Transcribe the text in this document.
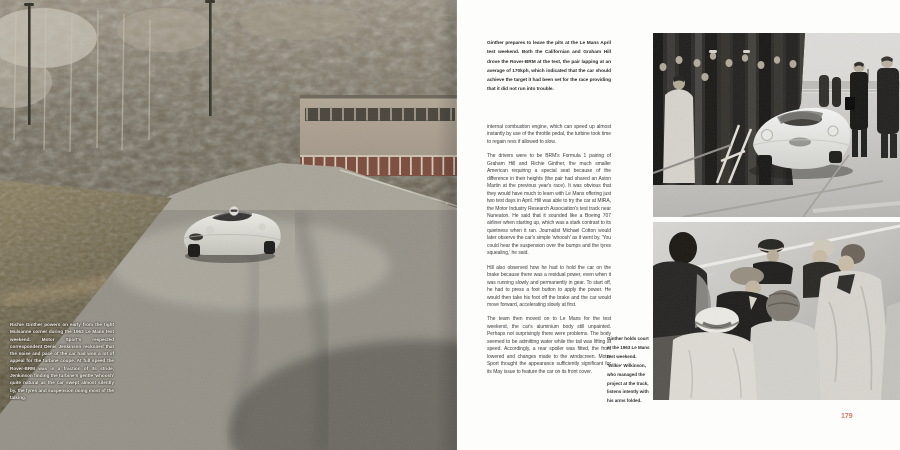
Richie Ginther powers on early from the tight Mulsanne corner during the 1963 Le Mans test weekend. Motor Sport's respected correspondent Denis Jenkinson reckoned that the noise and pace of the car had won a lot of appeal for the turbine coupe. At full speed the Rover-BRM was in a fraction of its stride, Jenkinson finding the turbine's gentle 'whoosh' quite natural as the car swept almost silently by, the tyres and suspension doing most of the talking.
Ginther prepares to leave the pits at the Le Mans April test weekend. Both the Californian and Graham Hill drove the Rover-BRM at the test, the pair lapping at an average of 170kph, which indicated that the car should achieve the target it had been set for the race providing that it did not run into trouble.

internal combustion engine, which can speed up almost instantly by use of the throttle pedal, the turbine took time to regain revs if allowed to slow.

The drivers were to be BRM's Formula 1 pairing of Graham Hill and Richie Ginther, the much smaller American requiring a special seat because of the difference in their heights (the pair had shared an Aston Martin at the previous year's race). It was obvious that they would have much to learn with Le Mans offering just two test days in April. Hill was able to try the car at MIRA, the Motor Industry Research Association's test track near Nuneaton. He said that it sounded like a Boeing 707 airliner when starting up, which was a stark contrast to its quietness when it ran. Journalist Michael Cotton would later observe the car's simple 'whoosh' as it went by. 'You could hear the suspension over the bumps and the tyres squealing,' he said.

Hill also observed how he had to hold the car on the brake because there was a residual power, even when it was running slowly and permanently in gear. To start off, he had to press a foot button to apply the power. He would then take his foot off the brake and the car would move forward, accelerating slowly at first.

The team then moved on to Le Mans for the test weekend, the car's aluminium body still unpainted. Perhaps not surprisingly there were problems. The body seemed to be admitting water while the tail was lifting at speed. Accordingly, a rear spoiler was fitted, the front lowered and changes made to the windscreen. Motor Sport thought the appearance sufficiently significant for its May issue to feature the car on its front cover.

Ginther holds court at the 1963 Le Mans test weekend. 'Wilkie' Wilkinson, who managed the project at the track, listens intently with his arms folded.
179
